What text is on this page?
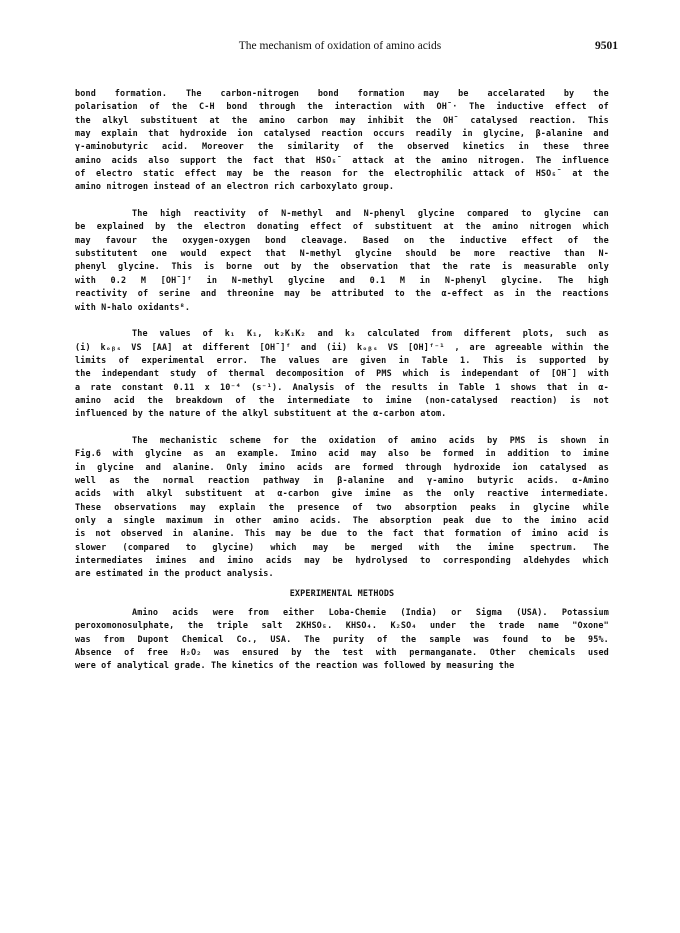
The mechanism of oxidation of amino acids	9501
bond formation. The carbon-nitrogen bond formation may be accelarated by the
polarisation of the C-H bond through the interaction with OH¯· The inductive effect of
the alkyl substituent at the amino carbon may inhibit the OH¯ catalysed reaction. This
may explain that hydroxide ion catalysed reaction occurs readily in glycine, β-alanine and
γ-aminobutyric acid. Moreover the similarity of the observed kinetics in these three
amino acids also support the fact that HSO₅¯ attack at the amino nitrogen. The influence
of electro static effect may be the reason for the electrophilic attack of HSO₅¯ at the
amino nitrogen instead of an electron rich carboxylato group.
The high reactivity of N-methyl and N-phenyl glycine compared to glycine can
be explained by the electron donating effect of substituent at the amino nitrogen which
may favour the oxygen-oxygen bond cleavage. Based on the inductive effect of the
substitutent one would expect that N-methyl glycine should be more reactive than N-
phenyl glycine. This is borne out by the observation that the rate is measurable only
with 0.2 M [OH¯]ᶠ in N-methyl glycine and 0.1 M in N-phenyl glycine. The high
reactivity of serine and threonine may be attributed to the α-effect as in the reactions
with N-halo oxidants⁸.
The values of k₁ K₁, k₂K₁K₂ and k₃ calculated from different plots, such as
(i) kₒᵦₛ VS [AA] at different [OH¯]ᶠ and (ii) kₒᵦₛ VS [OH]ᶠ⁻¹ , are agreeable within the
limits of experimental error. The values are given in Table 1. This is supported by
the independant study of thermal decomposition of PMS which is independant of [OH¯] with
a rate constant 0.11 x 10⁻⁴ (s⁻¹). Analysis of the results in Table 1 shows that in α-
amino acid the breakdown of the intermediate to imine (non-catalysed reaction) is not
influenced by the nature of the alkyl substituent at the α-carbon atom.
The mechanistic scheme for the oxidation of amino acids by PMS is shown in
Fig.6 with glycine as an example. Imino acid may also be formed in addition to imine
in glycine and alanine. Only imino acids are formed through hydroxide ion catalysed as
well as the normal reaction pathway in β-alanine and γ-amino butyric acids. α-Amino
acids with alkyl substituent at α-carbon give imine as the only reactive intermediate.
These observations may explain the presence of two absorption peaks in glycine while
only a single maximum in other amino acids. The absorption peak due to the imino acid
is not observed in alanine. This may be due to the fact that formation of imino acid is
slower (compared to glycine) which may be merged with the imine spectrum. The
intermediates imines and imino acids may be hydrolysed to corresponding aldehydes which
are estimated in the product analysis.
EXPERIMENTAL METHODS
Amino acids were from either Loba-Chemie (India) or Sigma (USA). Potassium
peroxomonosulphate, the triple salt 2KHSO₅. KHSO₄. K₂SO₄ under the trade name "Oxone"
was from Dupont Chemical Co., USA. The purity of the sample was found to be 95%.
Absence of free H₂O₂ was ensured by the test with permanganate. Other chemicals used
were of analytical grade. The kinetics of the reaction was followed by measuring the
